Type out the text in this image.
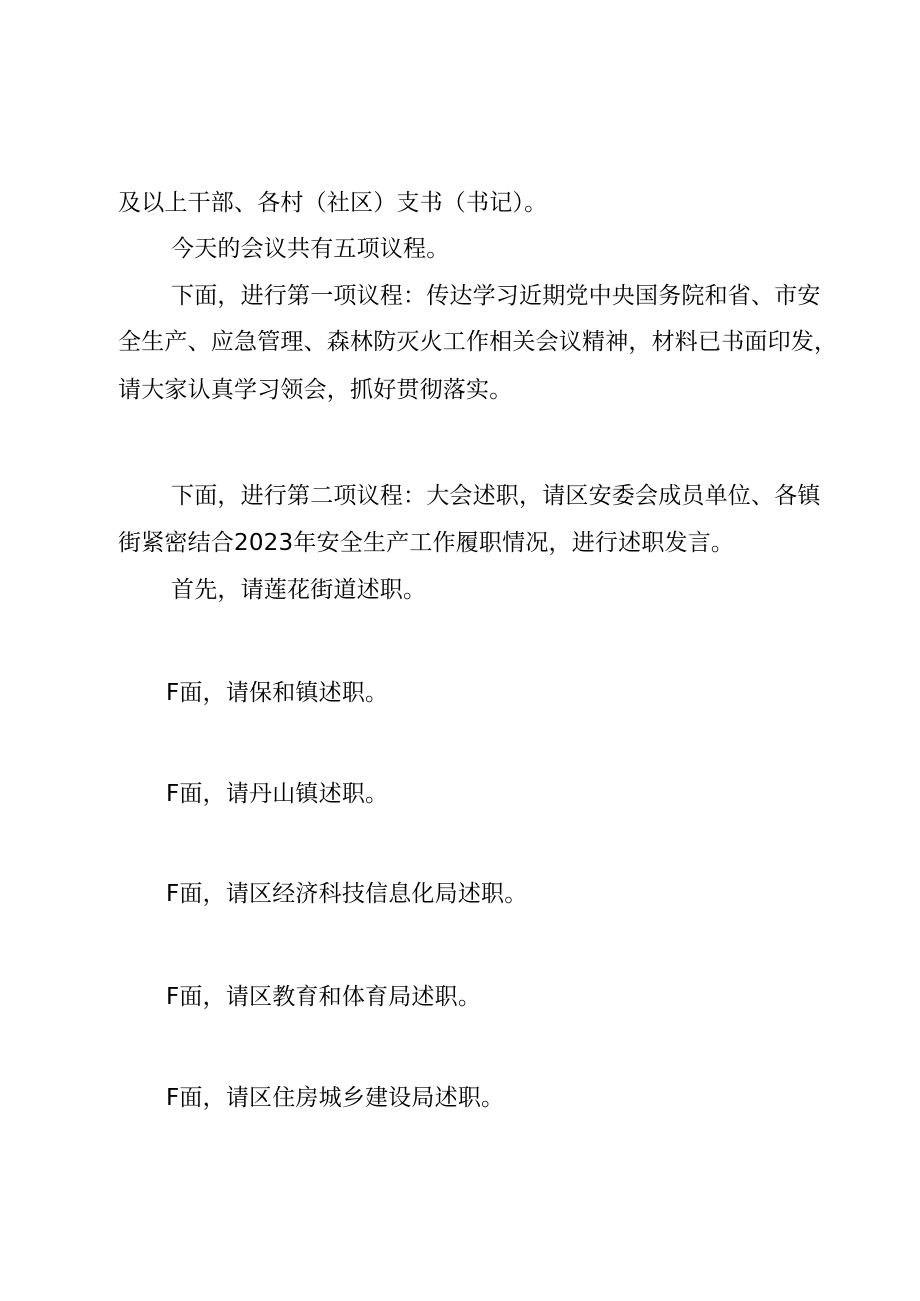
及以上干部、各村（社区）支书（书记）。
今天的会议共有五项议程。
下面，进行第一项议程：传达学习近期党中央国务院和省、市安
全生产、应急管理、森林防灭火工作相关会议精神，材料已书面印发，
请大家认真学习领会，抓好贯彻落实。
下面，进行第二项议程：大会述职，请区安委会成员单位、各镇
街紧密结合2023年安全生产工作履职情况，进行述职发言。
首先，请莲花街道述职。
F面，请保和镇述职。
F面，请丹山镇述职。
F面，请区经济科技信息化局述职。
F面，请区教育和体育局述职。
F面，请区住房城乡建设局述职。
